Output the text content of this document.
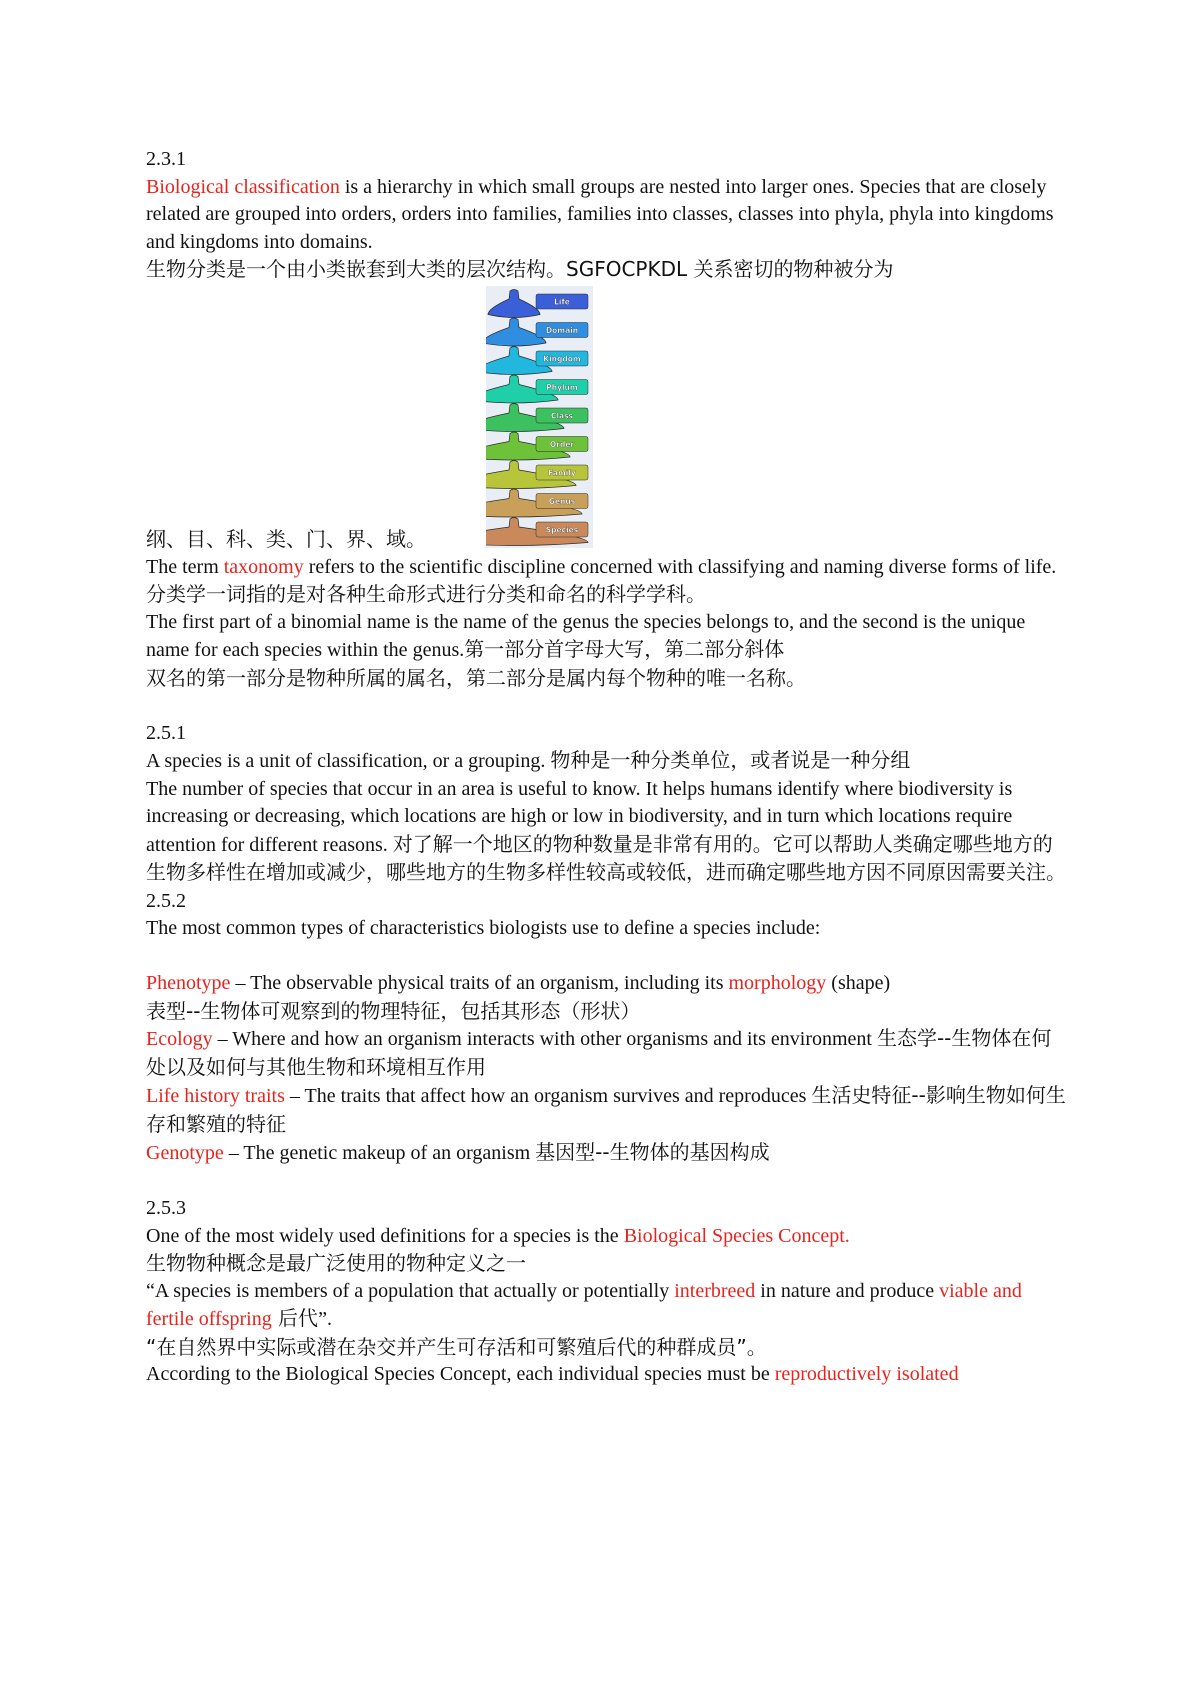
2.3.1

Biological classification is a hierarchy in which small groups are nested into larger ones. Species that are closely related are grouped into orders, orders into families, families into classes, classes into phyla, phyla into kingdoms and kingdoms into domains.

生物分类是一个由小类嵌套到大类的层次结构。SGFOCPKDL 关系密切的物种被分为

Life
Domain
Kingdom
Phylum
Class
Order
Family
Genus
Species
纲、目、科、类、门、界、域。

The term taxonomy refers to the scientific discipline concerned with classifying and naming diverse forms of life.

分类学一词指的是对各种生命形式进行分类和命名的科学学科。

The first part of a binomial name is the name of the genus the species belongs to, and the second is the unique name for each species within the genus.第一部分首字母大写，第二部分斜体

双名的第一部分是物种所属的属名，第二部分是属内每个物种的唯一名称。

2.5.1

A species is a unit of classification, or a grouping. 物种是一种分类单位，或者说是一种分组

The number of species that occur in an area is useful to know. It helps humans identify where biodiversity is increasing or decreasing, which locations are high or low in biodiversity, and in turn which locations require attention for different reasons. 对了解一个地区的物种数量是非常有用的。它可以帮助人类确定哪些地方的生物多样性在增加或减少，哪些地方的生物多样性较高或较低，进而确定哪些地方因不同原因需要关注。

2.5.2

The most common types of characteristics biologists use to define a species include:

Phenotype – The observable physical traits of an organism, including its morphology (shape)

表型--生物体可观察到的物理特征，包括其形态（形状）

Ecology – Where and how an organism interacts with other organisms and its environment 生态学--生物体在何处以及如何与其他生物和环境相互作用

Life history traits – The traits that affect how an organism survives and reproduces 生活史特征--影响生物如何生存和繁殖的特征

Genotype – The genetic makeup of an organism 基因型--生物体的基因构成

2.5.3

One of the most widely used definitions for a species is the Biological Species Concept.

生物物种概念是最广泛使用的物种定义之一

“A species is members of a population that actually or potentially interbreed in nature and produce viable and fertile offspring 后代”.

“在自然界中实际或潜在杂交并产生可存活和可繁殖后代的种群成员”。

According to the Biological Species Concept, each individual species must be reproductively isolated
